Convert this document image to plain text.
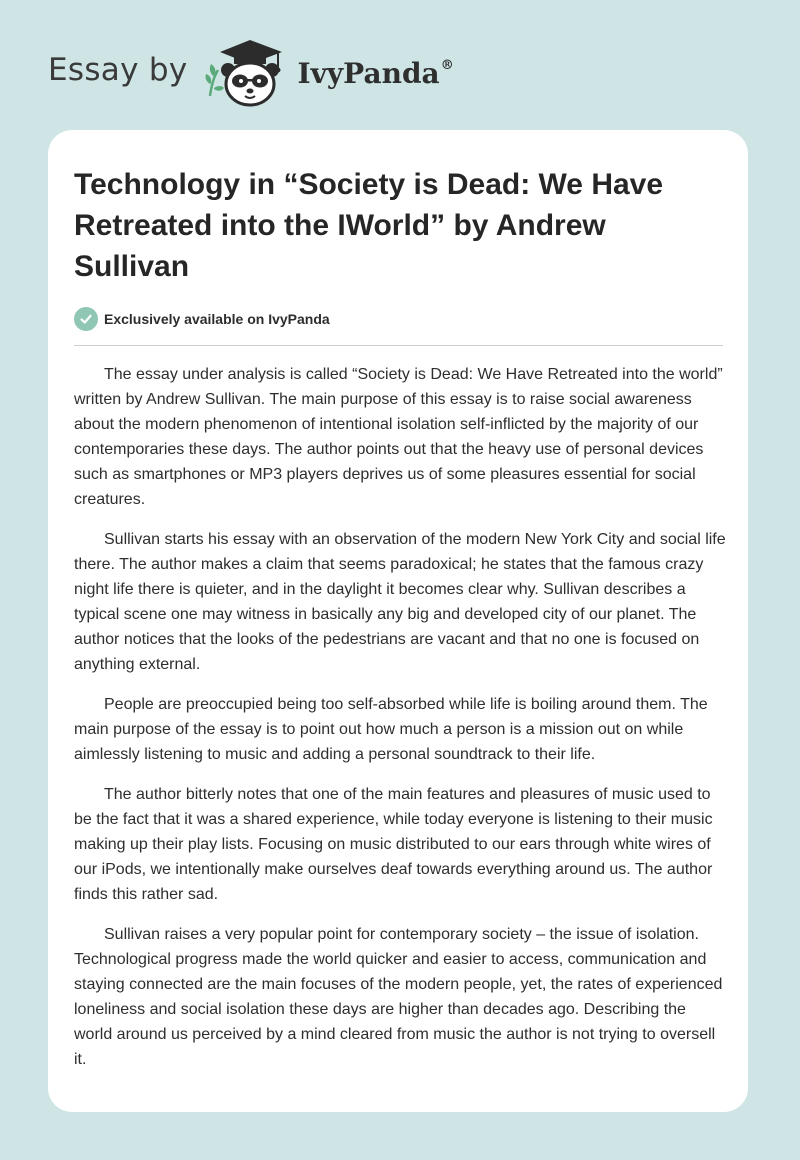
Essay by	IvyPanda®
Technology in “Society is Dead: We Have Retreated into the IWorld” by Andrew Sullivan
Exclusively available on IvyPanda

The essay under analysis is called “Society is Dead: We Have Retreated into the world” written by Andrew Sullivan. The main purpose of this essay is to raise social awareness about the modern phenomenon of intentional isolation self-inflicted by the majority of our contemporaries these days. The author points out that the heavy use of personal devices such as smartphones or MP3 players deprives us of some pleasures essential for social creatures.

Sullivan starts his essay with an observation of the modern New York City and social life there. The author makes a claim that seems paradoxical; he states that the famous crazy night life there is quieter, and in the daylight it becomes clear why. Sullivan describes a typical scene one may witness in basically any big and developed city of our planet. The author notices that the looks of the pedestrians are vacant and that no one is focused on anything external.

People are preoccupied being too self-absorbed while life is boiling around them. The main purpose of the essay is to point out how much a person is a mission out on while aimlessly listening to music and adding a personal soundtrack to their life.

The author bitterly notes that one of the main features and pleasures of music used to be the fact that it was a shared experience, while today everyone is listening to their music making up their play lists. Focusing on music distributed to our ears through white wires of our iPods, we intentionally make ourselves deaf towards everything around us. The author finds this rather sad.

Sullivan raises a very popular point for contemporary society – the issue of isolation. Technological progress made the world quicker and easier to access, communication and staying connected are the main focuses of the modern people, yet, the rates of experienced loneliness and social isolation these days are higher than decades ago. Describing the world around us perceived by a mind cleared from music the author is not trying to oversell it.
